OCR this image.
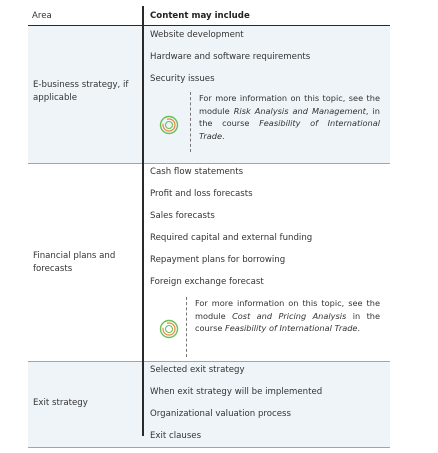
Area	Content may include
E-business strategy, if applicable
Website development
Hardware and software requirements
Security issues
For more information on this topic, see the module Risk Analysis and Management, in the course Feasibility of International Trade.
Financial plans and forecasts
Cash flow statements
Profit and loss forecasts
Sales forecasts
Required capital and external funding
Repayment plans for borrowing
Foreign exchange forecast
For more information on this topic, see the module Cost and Pricing Analysis in the course Feasibility of International Trade.
Exit strategy
Selected exit strategy
When exit strategy will be implemented
Organizational valuation process
Exit clauses
